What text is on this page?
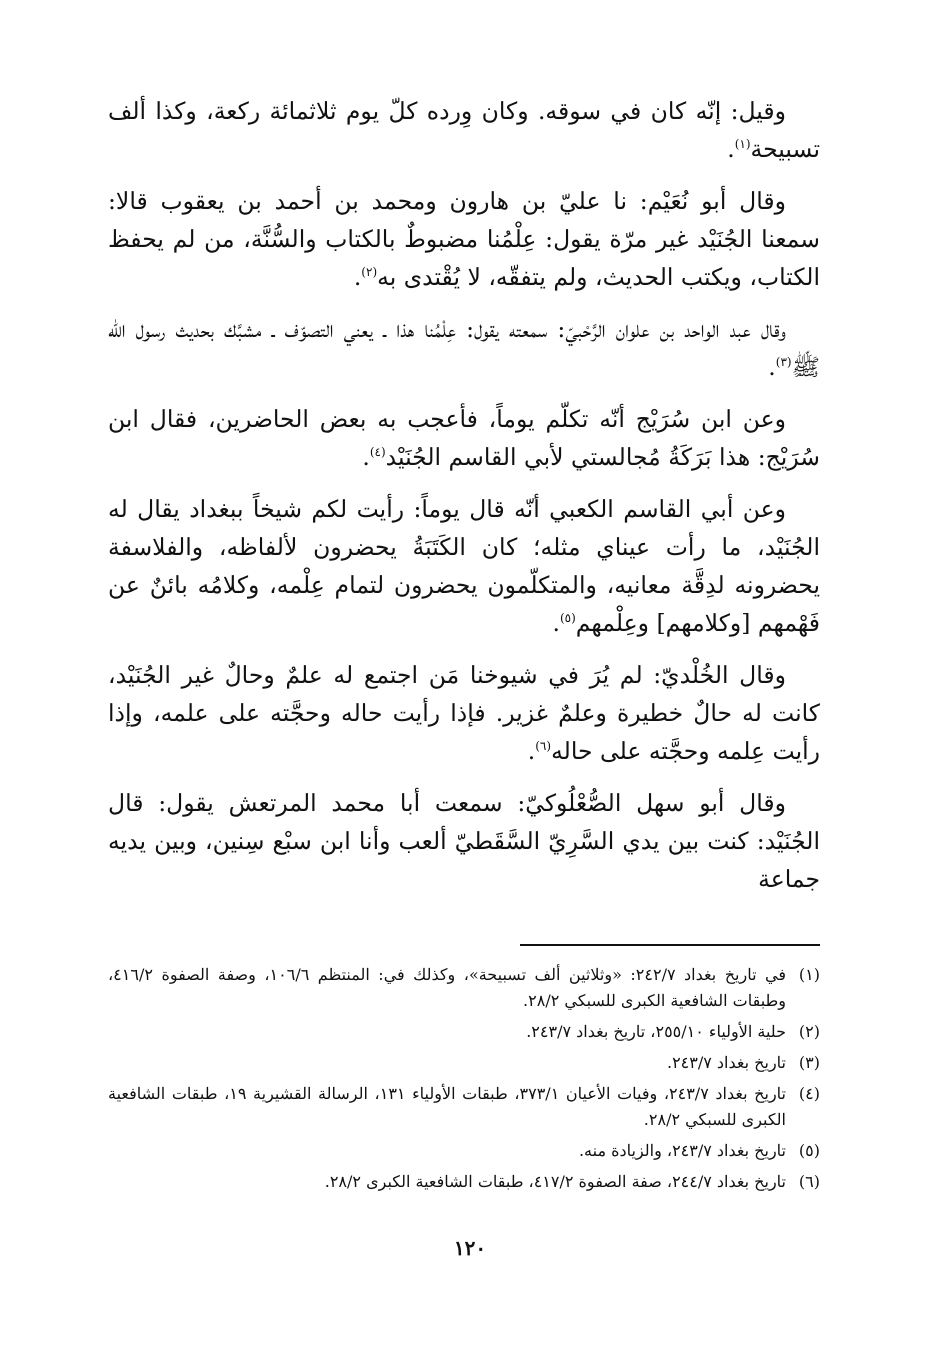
وقيل: إنّه كان في سوقه. وكان وِرده كلّ يوم ثلاثمائة ركعة، وكذا ألف تسبيحة$^{(١)}$.

وقال أبو نُعَيْم: نا عليّ بن هارون ومحمد بن أحمد بن يعقوب قالا: سمعنا الجُنَيْد غير مرّة يقول: عِلْمُنا مضبوطٌ بالكتاب والسُّنَّة، من لم يحفظ الكتاب، ويكتب الحديث، ولم يتفقّه، لا يُقْتدى به$^{(٢)}$.

وقال عبد الواحد بن علوان الرَّحْبيّ: سمعته يقول: عِلْمُنا هذا ـ يعني التصوّف ـ مشبَّك بحديث رسول الله ﷺ$^{(٣)}$.

وعن ابن سُرَيْج أنّه تكلّم يوماً، فأعجب به بعض الحاضرين، فقال ابن سُرَيْج: هذا بَرَكَةُ مُجالستي لأبي القاسم الجُنَيْد$^{(٤)}$.

وعن أبي القاسم الكعبي أنّه قال يوماً: رأيت لكم شيخاً ببغداد يقال له الجُنَيْد، ما رأت عيناي مثله؛ كان الكَتَبَةُ يحضرون لألفاظه، والفلاسفة يحضرونه لدِقَّة معانيه، والمتكلّمون يحضرون لتمام عِلْمه، وكلامُه بائنٌ عن فَهْمهم [وكلامهم] وعِلْمهم$^{(٥)}$.

وقال الخُلْديّ: لم يُرَ في شيوخنا مَن اجتمع له علمٌ وحالٌ غير الجُنَيْد، كانت له حالٌ خطيرة وعلمٌ غزير. فإذا رأيت حاله وحجَّته على علمه، وإذا رأيت عِلمه وحجَّته على حاله$^{(٦)}$.

وقال أبو سهل الصُّعْلُوكيّ: سمعت أبا محمد المرتعش يقول: قال الجُنَيْد: كنت بين يدي السَّرِيّ السَّقَطيّ ألعب وأنا ابن سبْع سِنين، وبين يديه جماعة

(١)
في تاريخ بغداد ٢٤٢/٧: «وثلاثين ألف تسبيحة»، وكذلك في: المنتظم ١٠٦/٦، وصفة الصفوة ٤١٦/٢، وطبقات الشافعية الكبرى للسبكي ٢٨/٢.
(٢)
حلية الأولياء ٢٥٥/١٠، تاريخ بغداد ٢٤٣/٧.
(٣)
تاريخ بغداد ٢٤٣/٧.
(٤)
تاريخ بغداد ٢٤٣/٧، وفيات الأعيان ٣٧٣/١، طبقات الأولياء ١٣١، الرسالة القشيرية ١٩، طبقات الشافعية الكبرى للسبكي ٢٨/٢.
(٥)
تاريخ بغداد ٢٤٣/٧، والزيادة منه.
(٦)
تاريخ بغداد ٢٤٤/٧، صفة الصفوة ٤١٧/٢، طبقات الشافعية الكبرى ٢٨/٢.
١٢٠
